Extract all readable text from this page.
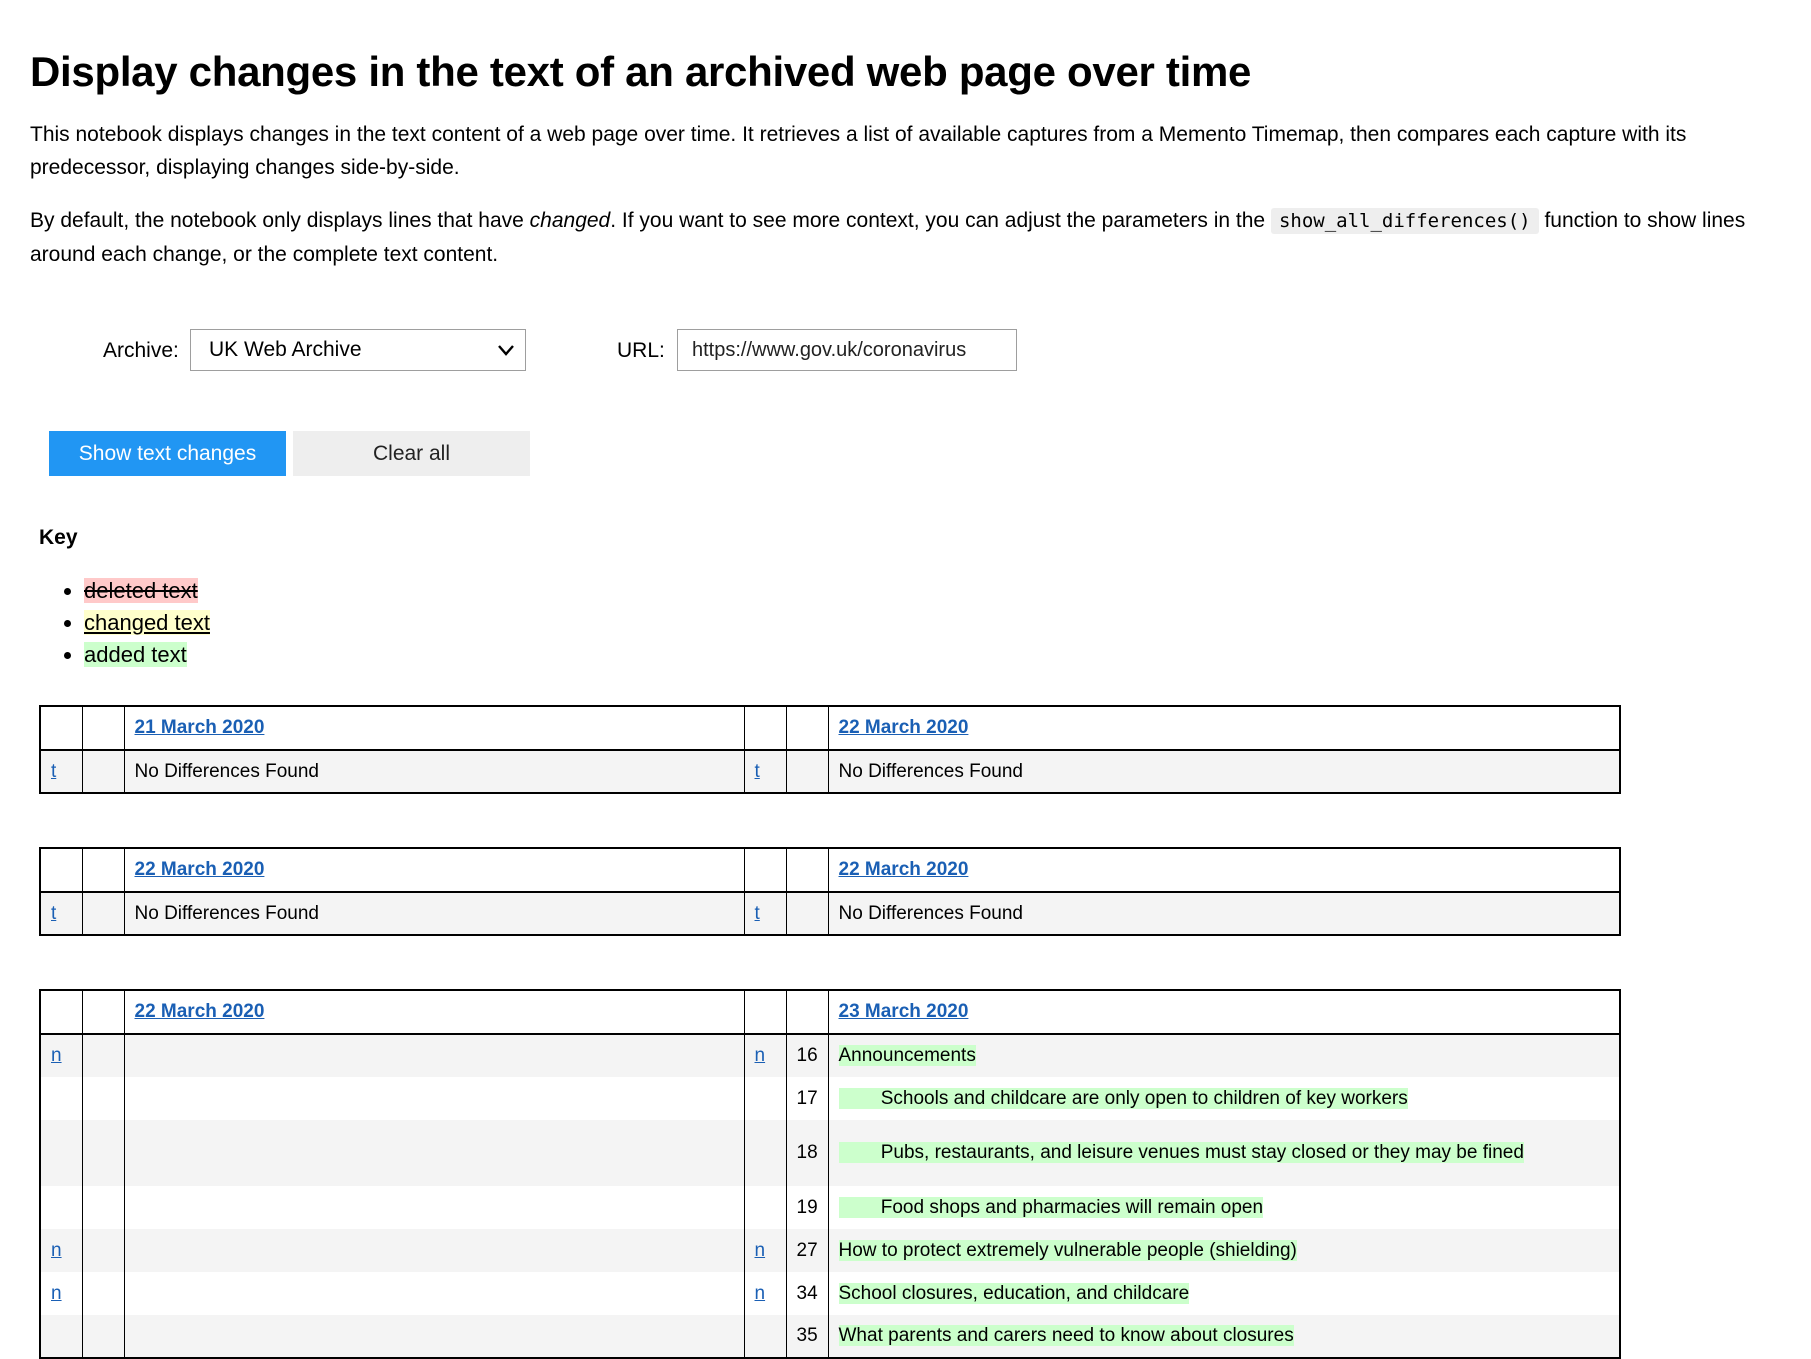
Display changes in the text of an archived web page over time

This notebook displays changes in the text content of a web page over time. It retrieves a list of available captures from a Memento Timemap, then compares each capture with its predecessor, displaying changes side-by-side.

By default, the notebook only displays lines that have changed. If you want to see more context, you can adjust the parameters in the show_all_differences() function to show lines around each change, or the complete text content.

Archive:	UK Web Archive	URL:
https://www.gov.uk/coronavirus
Show text changes	Clear all
Key
• deleted text
• changed text
• added text
		21 March 2020			22 March 2020
t		No Differences Found	t		No Differences Found
		22 March 2020			22 March 2020
t		No Differences Found	t		No Differences Found
		22 March 2020			23 March 2020
n			n	16	Announcements
				17	Schools and childcare are only open to children of key workers
				18	Pubs, restaurants, and leisure venues must stay closed or they may be fined
				19	Food shops and pharmacies will remain open
n			n	27	How to protect extremely vulnerable people (shielding)
n			n	34	School closures, education, and childcare
				35	What parents and carers need to know about closures
